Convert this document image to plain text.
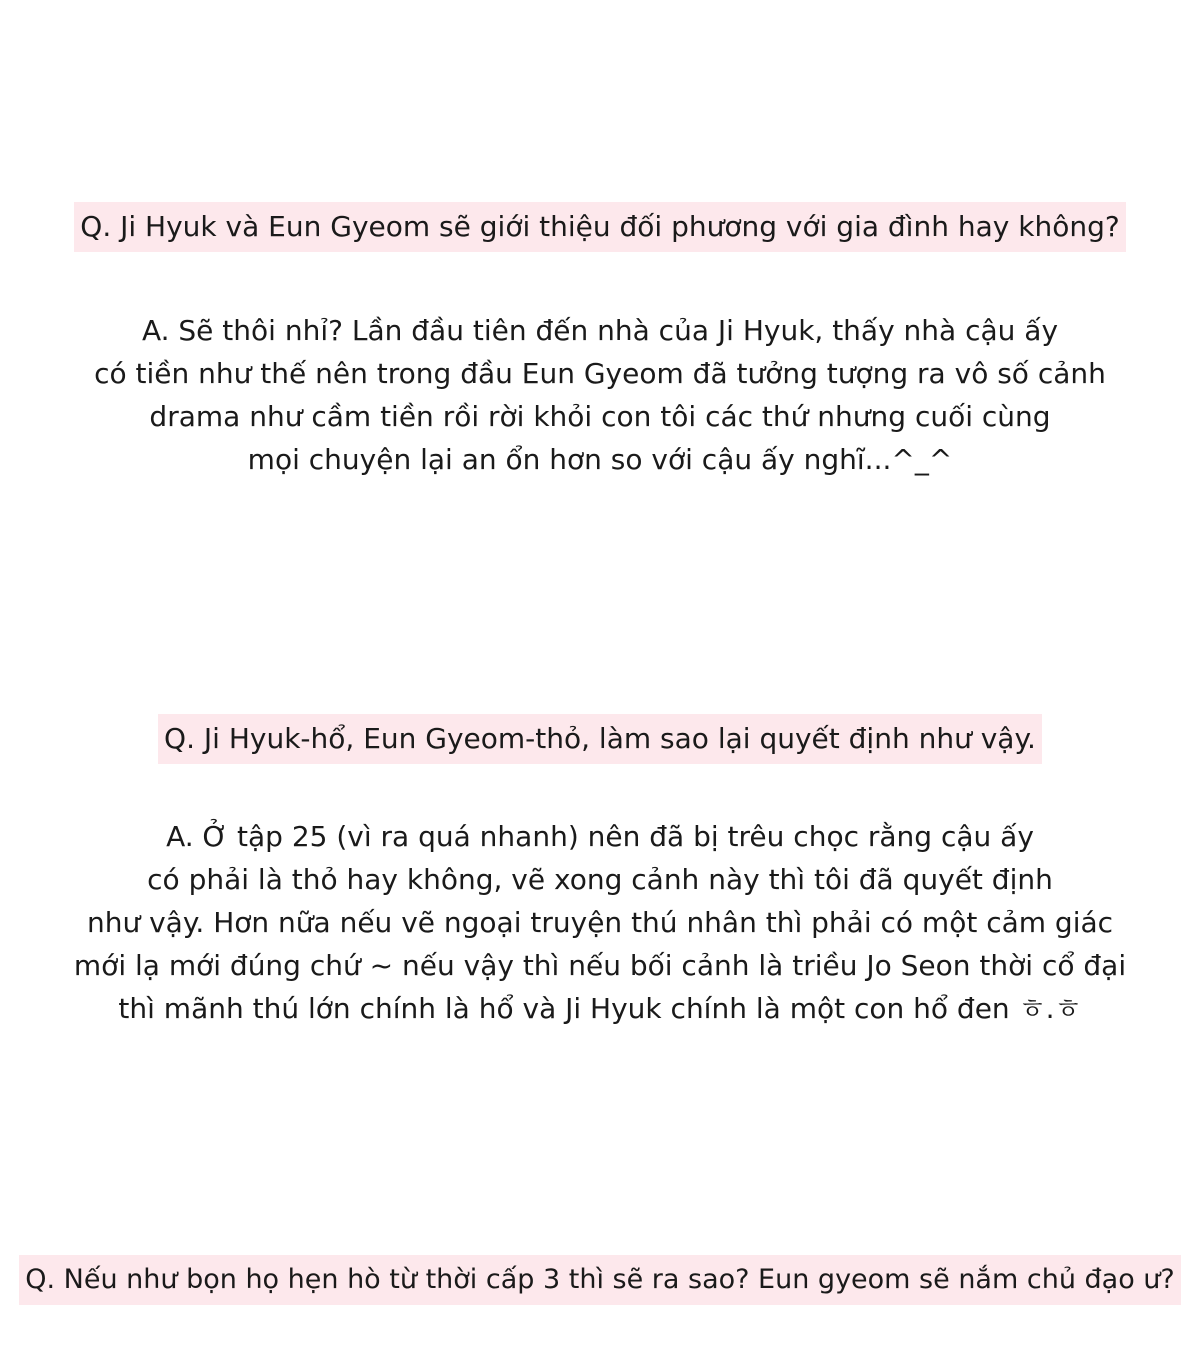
Q. Ji Hyuk và Eun Gyeom sẽ giới thiệu đối phương với gia đình hay không?
A. Sẽ thôi nhỉ? Lần đầu tiên đến nhà của Ji Hyuk, thấy nhà cậu ấy
có tiền như thế nên trong đầu Eun Gyeom đã tưởng tượng ra vô số cảnh
drama như cầm tiền rồi rời khỏi con tôi các thứ nhưng cuối cùng
mọi chuyện lại an ổn hơn so với cậu ấy nghĩ...^_^
Q. Ji Hyuk-hổ, Eun Gyeom-thỏ, làm sao lại quyết định như vậy.
A. Ở tập 25 (vì ra quá nhanh) nên đã bị trêu chọc rằng cậu ấy
có phải là thỏ hay không, vẽ xong cảnh này thì tôi đã quyết định
như vậy. Hơn nữa nếu vẽ ngoại truyện thú nhân thì phải có một cảm giác
mới lạ mới đúng chứ ~ nếu vậy thì nếu bối cảnh là triều Jo Seon thời cổ đại
thì mãnh thú lớn chính là hổ và Ji Hyuk chính là một con hổ đen ㅎ.ㅎ
Q. Nếu như bọn họ hẹn hò từ thời cấp 3 thì sẽ ra sao? Eun gyeom sẽ nắm chủ đạo ư?
